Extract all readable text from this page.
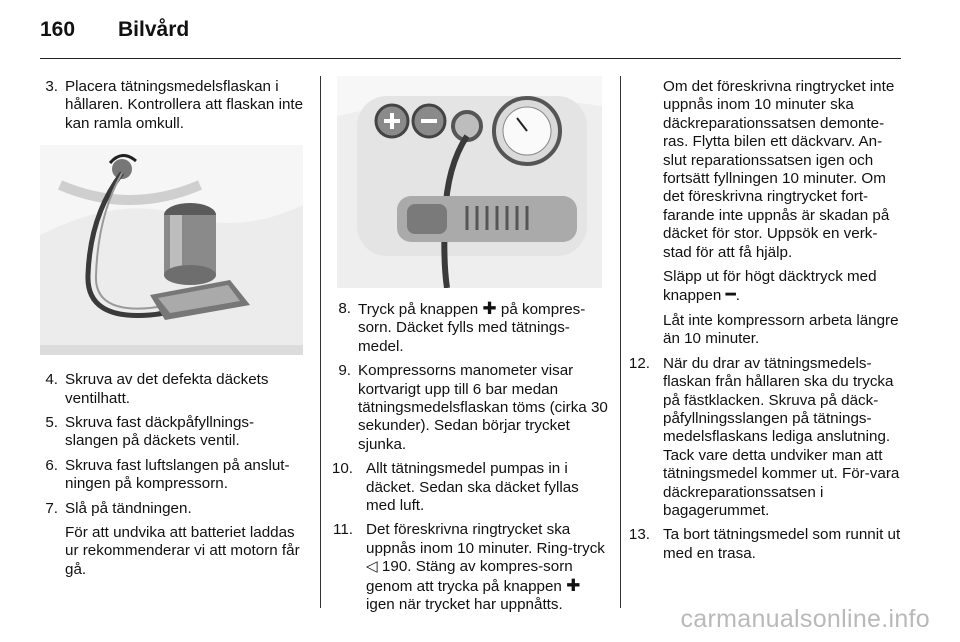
160	Bilvård
3. Placera tätningsmedelsflaskan i hållaren. Kontrollera att flaskan inte kan ramla omkull.
4. Skruva av det defekta däckets ventilhatt.
5. Skruva fast däckpåfyllnings-slangen på däckets ventil.
6. Skruva fast luftslangen på anslut-ningen på kompressorn.
7. Slå på tändningen.

För att undvika att batteriet laddas ur rekommenderar vi att motorn får gå.

8. Tryck på knappen ✚ på kompres-sorn. Däcket fylls med tätnings-medel.
9. Kompressorns manometer visar kortvarigt upp till 6 bar medan tätningsmedelsflaskan töms (cirka 30 sekunder). Sedan börjar trycket sjunka.
10. Allt tätningsmedel pumpas in i däcket. Sedan ska däcket fyllas med luft.
11. Det föreskrivna ringtrycket ska uppnås inom 10 minuter. Ring-tryck ◁ 190. Stäng av kompres-sorn genom att trycka på knappen ✚ igen när trycket har uppnåtts.

Om det föreskrivna ringtrycket inte uppnås inom 10 minuter ska däckreparationssatsen demonte-ras. Flytta bilen ett däckvarv. An-slut reparationssatsen igen och fortsätt fyllningen 10 minuter. Om det föreskrivna ringtrycket fort-farande inte uppnås är skadan på däcket för stor. Uppsök en verk-stad för att få hjälp.

Släpp ut för högt däcktryck med knappen ━.

Låt inte kompressorn arbeta längre än 10 minuter.

12. När du drar av tätningsmedels-flaskan från hållaren ska du trycka på fästklacken. Skruva på däck-påfyllningsslangen på tätnings-medelsflaskans lediga anslutning. Tack vare detta undviker man att tätningsmedel kommer ut. För-vara däckreparationssatsen i bagagerummet.
13. Ta bort tätningsmedel som runnit ut med en trasa.
carmanualsonline.info
